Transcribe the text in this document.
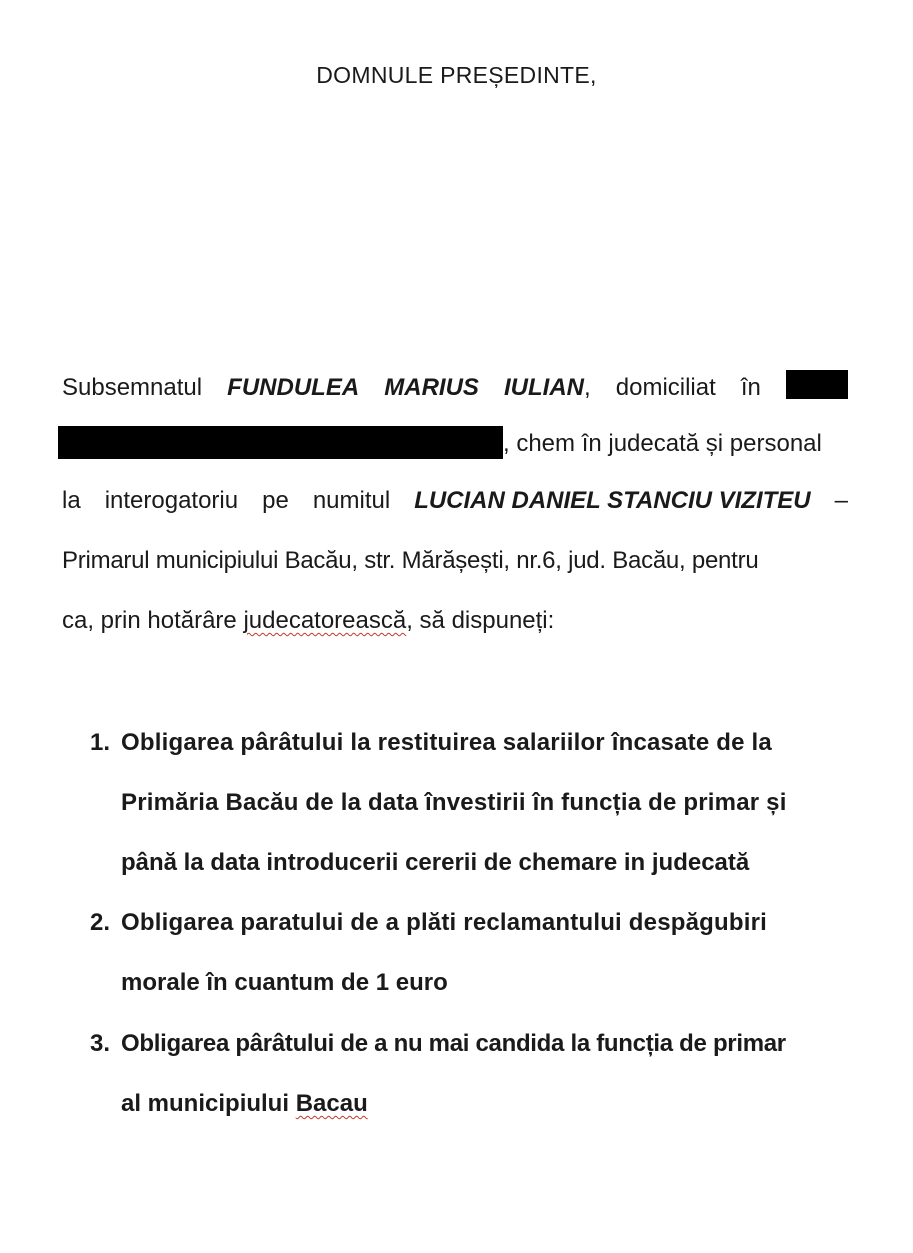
DOMNULE PREȘEDINTE,
Subsemnatul FUNDULEA MARIUS IULIAN, domiciliat în
, chem în judecată și personal
la interogatoriu pe numitul LUCIAN DANIEL STANCIU VIZITEU –
Primarul municipiului Bacău, str. Mărășești, nr.6, jud. Bacău, pentru
ca, prin hotărâre judecatorească, să dispuneți:
1. Obligarea pârâtului la restituirea salariilor încasate de la
Primăria Bacău de la data învestirii în funcția de primar și
până la data introducerii cererii de chemare in judecată
2. Obligarea paratului de a plăti reclamantului despăgubiri
morale în cuantum de 1 euro
3. Obligarea pârâtului de a nu mai candida la funcția de primar
al municipiului Bacau
